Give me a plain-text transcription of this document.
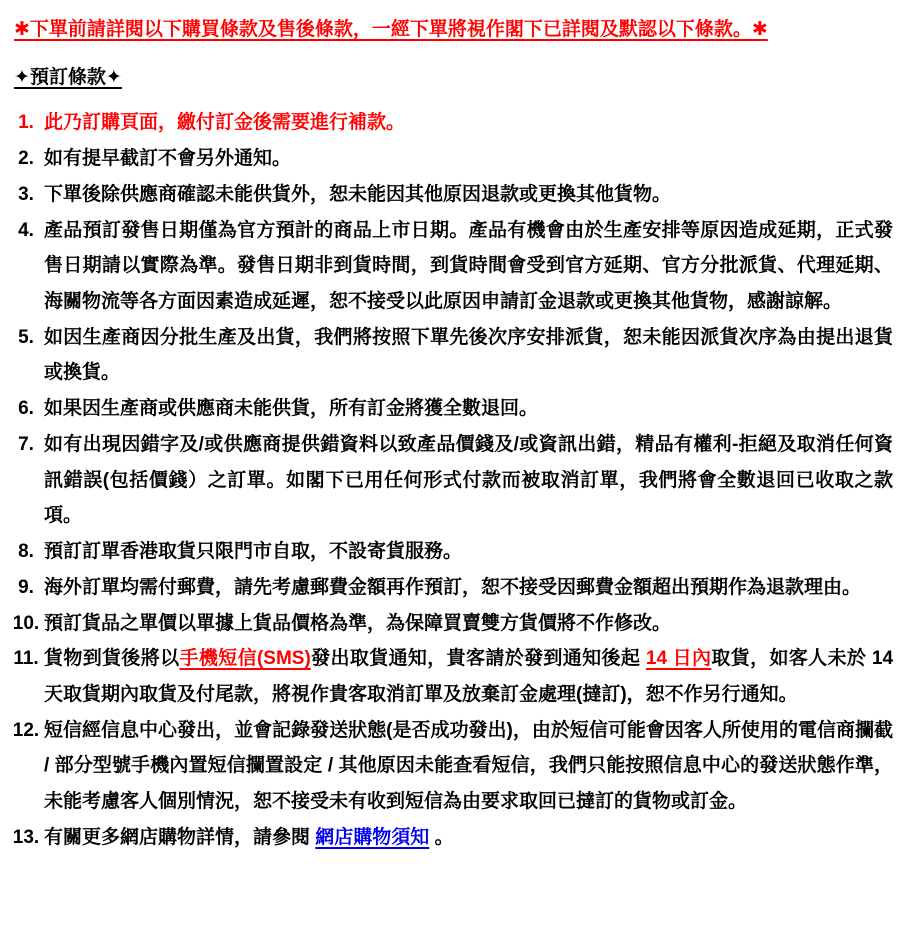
✱下單前請詳閱以下購買條款及售後條款，一經下單將視作閣下已詳閱及默認以下條款。✱
✦預訂條款✦
1. 此乃訂購頁面，繳付訂金後需要進行補款。
2. 如有提早截訂不會另外通知。
3. 下單後除供應商確認未能供貨外，恕未能因其他原因退款或更換其他貨物。
4. 產品預訂發售日期僅為官方預計的商品上市日期。產品有機會由於生產安排等原因造成延期，正式發售日期請以實際為準。發售日期非到貨時間，到貨時間會受到官方延期、官方分批派貨、代理延期、海關物流等各方面因素造成延遲，恕不接受以此原因申請訂金退款或更換其他貨物，感謝諒解。
5. 如因生產商因分批生產及出貨，我們將按照下單先後次序安排派貨，恕未能因派貨次序為由提出退貨或換貨。
6. 如果因生產商或供應商未能供貨，所有訂金將獲全數退回。
7. 如有出現因錯字及/或供應商提供錯資料以致產品價錢及/或資訊出錯，精品有權利-拒絕及取消任何資訊錯誤(包括價錢）之訂單。如閣下已用任何形式付款而被取消訂單，我們將會全數退回已收取之款項。
8. 預訂訂單香港取貨只限門市自取，不設寄貨服務。
9. 海外訂單均需付郵費，請先考慮郵費金額再作預訂，恕不接受因郵費金額超出預期作為退款理由。
10. 預訂貨品之單價以單據上貨品價格為準，為保障買賣雙方貨價將不作修改。
11. 貨物到貨後將以手機短信(SMS)發出取貨通知，貴客請於發到通知後起 14 日內取貨，如客人未於 14 天取貨期內取貨及付尾款，將視作貴客取消訂單及放棄訂金處理(撻訂)，恕不作另行通知。
12. 短信經信息中心發出，並會記錄發送狀態(是否成功發出)，由於短信可能會因客人所使用的電信商攔截 / 部分型號手機內置短信攔置設定 / 其他原因未能查看短信，我們只能按照信息中心的發送狀態作準，未能考慮客人個別情況，恕不接受未有收到短信為由要求取回已撻訂的貨物或訂金。
13. 有關更多網店購物詳情，請參閱 網店購物須知 。
